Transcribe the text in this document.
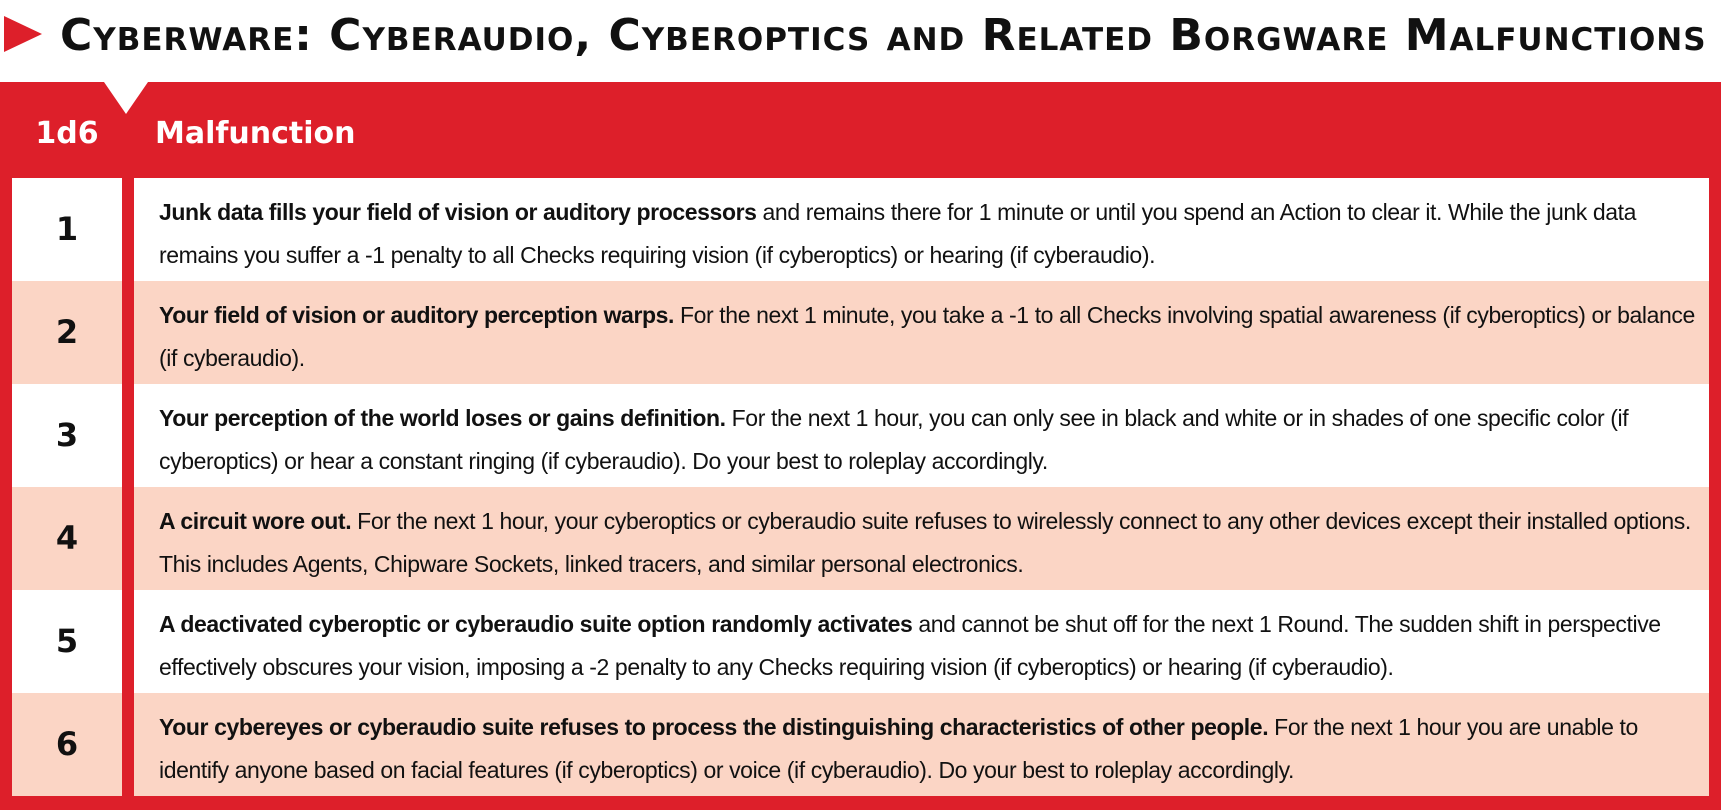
Cyberware: Cyberaudio, Cyberoptics and Related Borgware Malfunctions
1d6	Malfunction
1	Junk data fills your field of vision or auditory processors and remains there for 1 minute or until you spend an Action to clear it. While the junk data remains you suffer a -1 penalty to all Checks requiring vision (if cyberoptics) or hearing (if cyberaudio).
2	Your field of vision or auditory perception warps. For the next 1 minute, you take a -1 to all Checks involving spatial awareness (if cyberoptics) or balance (if cyberaudio).
3	Your perception of the world loses or gains definition. For the next 1 hour, you can only see in black and white or in shades of one specific color (if cyberoptics) or hear a constant ringing (if cyberaudio). Do your best to roleplay accordingly.
4	A circuit wore out. For the next 1 hour, your cyberoptics or cyberaudio suite refuses to wirelessly connect to any other devices except their installed options. This includes Agents, Chipware Sockets, linked tracers, and similar personal electronics.
5	A deactivated cyberoptic or cyberaudio suite option randomly activates and cannot be shut off for the next 1 Round. The sudden shift in perspective effectively obscures your vision, imposing a -2 penalty to any Checks requiring vision (if cyberoptics) or hearing (if cyberaudio).
6	Your cybereyes or cyberaudio suite refuses to process the distinguishing characteristics of other people. For the next 1 hour you are unable to identify anyone based on facial features (if cyberoptics) or voice (if cyberaudio). Do your best to roleplay accordingly.
